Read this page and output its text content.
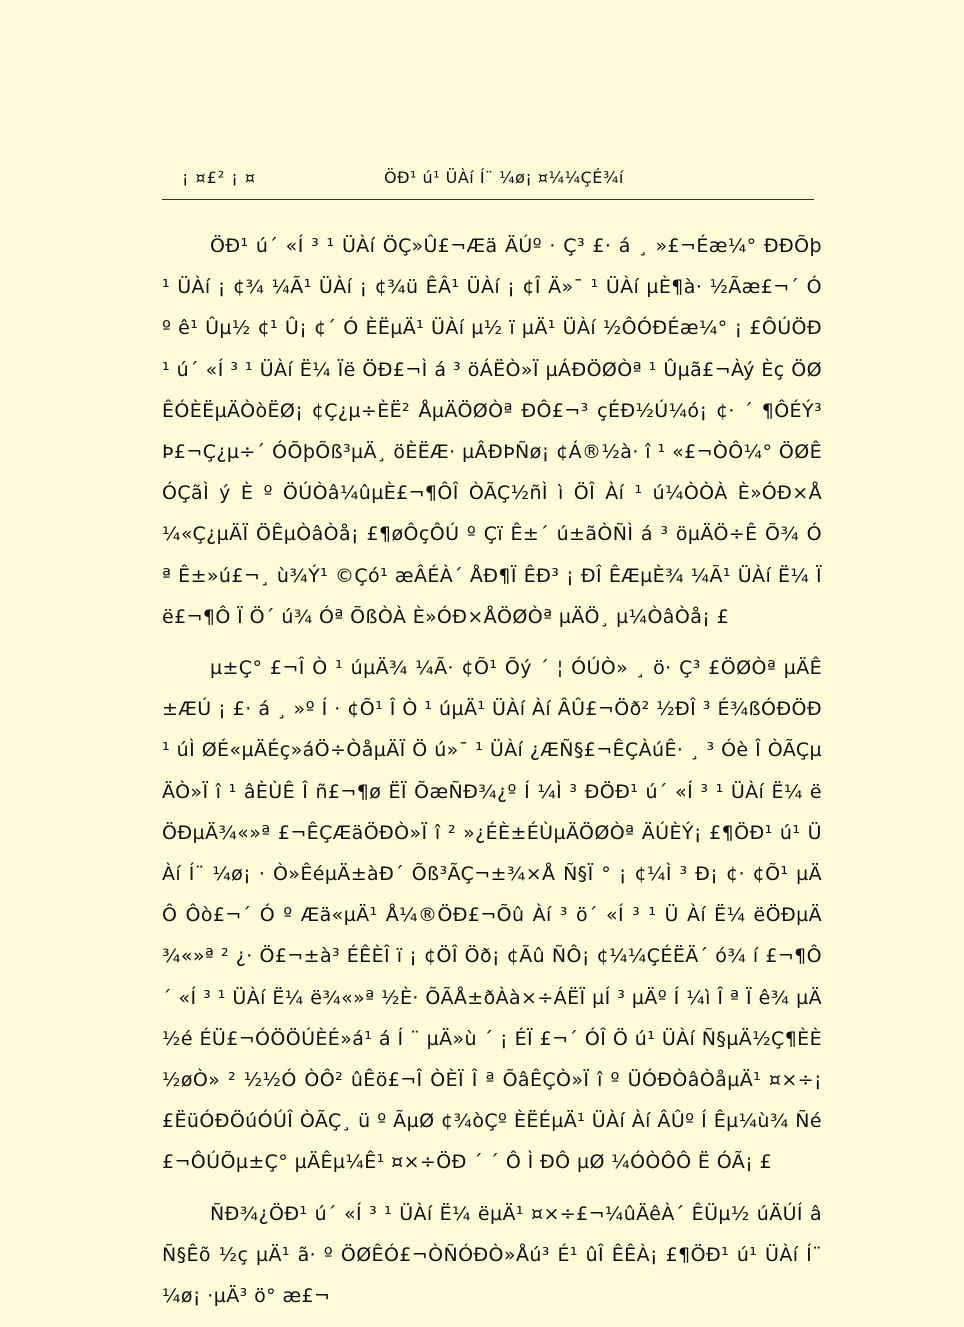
¡ ¤£² ¡ ¤	ÖÐ¹ ú¹ ÜÀí Í¨ ¼ø¡ ¤¼¼ÇÉ¾í

ÖÐ¹ ú´ «Í ³ ¹ ÜÀí ÖÇ»Û£¬Æä ÄÚº · Ç³ £· á ¸ »£¬Éæ¼° ÐÐÕþ ¹ ÜÀí ¡ ¢¾ ¼Ã¹ ÜÀí ¡ ¢¾ü ÊÂ¹ ÜÀí ¡ ¢Î Ä»¯ ¹ ÜÀí µÈ¶à· ½Ãæ£¬´ Ó º ê¹ Ûµ½ ¢¹ Û¡ ¢´ Ó ÈËµÄ¹ ÜÀí µ½ ï µÄ¹ ÜÀí ½ÔÓÐÉæ¼° ¡ £ÔÚÖÐ¹ ú´ «Í ³ ¹ ÜÀí Ë¼ Ïë ÖÐ£¬Ì á ³ öÁËÒ»Ï µÁÐÖØÒª ¹ Ûµã£¬Àý Èç ÖØÊÓÈËµÄÒòËØ¡ ¢Ç¿µ÷ÈË² ÅµÄÖØÒª ÐÔ£¬³ çÉÐ½Ú¼ó¡ ¢· ´ ¶ÔÉÝ³ Þ£¬Ç¿µ÷´ ÓÕþÕß³µÄ¸ öÈËÆ· µÂÐÞÑø¡ ¢Á®½à· î ¹ «£¬ÒÔ¼° ÖØÊÓÇãÌ ý È º ÖÚÒâ¼ûµÈ£¬¶ÔÎ ÒÃÇ½ñÌ ì ÖÎ Àí ¹ ú¼ÒÒÀ È»ÓÐ×Å¼«Ç¿µÄÏ ÖÊµÒâÒå¡ £¶øÔçÔÚ º Çï Ê±´ ú±ãÒÑÌ á ³ öµÄÖ÷Ê Õ¾ Ó ª Ê±»ú£¬¸ ù¾Ý¹ ©Çó¹ æÂÉÀ´ ÅÐ¶Ï ÊÐ³ ¡ ÐÎ ÊÆµÈ¾ ¼Ã¹ ÜÀí Ë¼ Ïë£¬¶Ô Ï Ö´ ú¾ Óª ÕßÒÀ È»ÓÐ×ÅÖØÒª µÄÖ¸ µ¼ÒâÒå¡ £

µ±Ç° £¬Î Ò ¹ úµÄ¾ ¼Ã· ¢Õ¹ Õý ´ ¦ ÓÚÒ» ¸ ö· Ç³ £ÖØÒª µÄÊ±ÆÚ ¡ £· á ¸ »º Í · ¢Õ¹ Î Ò ¹ úµÄ¹ ÜÀí Àí ÂÛ£¬Öð² ½ÐÎ ³ É¾ßÓÐÖÐ¹ úÌ ØÉ«µÄÉç»áÖ÷ÒåµÄÏ Ö ú»¯ ¹ ÜÀí ¿ÆÑ§£¬ÊÇÀúÊ· ¸ ³ Óè Î ÒÃÇµÄÒ»Ï î ¹ âÈÙÊ Î ñ£¬¶ø ËÏ ÕæÑÐ¾¿º Í ¼Ì ³ ÐÖÐ¹ ú´ «Í ³ ¹ ÜÀí Ë¼ ëÖÐµÄ¾«»ª £¬ÊÇÆäÖÐÒ»Ï î ² »¿ÉÈ±ÉÙµÄÖØÒª ÄÚÈÝ¡ £¶ÖÐ¹ ú¹ ÜÀí Í¨ ¼ø¡ · Ò»ÊéµÄ±àÐ´ Õß³ÃÇ¬±¾×Å Ñ§Ï ° ¡ ¢¼Ì ³ Ð¡ ¢· ¢Õ¹ µÄÔ Ôò£¬´ Ó º Æä«µÄ¹ Å¼®ÖÐ£¬Õû Àí ³ ö´ «Í ³ ¹ Ü Àí Ë¼ ëÖÐµÄ¾«»ª ² ¿· Ö£¬±à³ ÉÊÈÎ ï ¡ ¢ÖÎ Öð¡ ¢Ãû ÑÔ¡ ¢¼¼ÇÉËÄ´ ó¾ í £¬¶Ô´ «Í ³ ¹ ÜÀí Ë¼ ë¾«»ª ½È· ÕÃÅ±ðÀà×÷ÁËÏ µÍ ³ µÄº Í ¼ì Î ª Ï ê¾ µÄ½é ÉÜ£¬ÓÖÖÚÈÉ»á¹ á Í ¨ µÄ»ù ´ ¡ ÉÏ £¬´ ÓÎ Ö ú¹ ÜÀí Ñ§µÄ½Ç¶ÈÈ½øÒ» ² ½½Ó ÒÔ² ûÊö£¬Î ÒÈÏ Î ª ÕâÊÇÒ»Ï î º ÜÓÐÒâÒåµÄ¹ ¤×÷¡ £ËüÓÐÖúÓÚÎ ÒÃÇ¸ ü º ÃµØ ¢¾òÇº ÈËÉµÄ¹ ÜÀí Àí ÂÛº Í Êµ¼ù¾ Ñé£¬ÔÚÕµ±Ç° µÄÊµ¼Ê¹ ¤×÷ÖÐ ´ ´ Ô Ì ÐÔ µØ ¼ÓÒÔÔ Ë ÓÃ¡ £

ÑÐ¾¿ÖÐ¹ ú´ «Í ³ ¹ ÜÀí Ë¼ ëµÄ¹ ¤×÷£¬¼ûÄêÀ´ ÊÜµ½ úÄÚÍ âÑ§Êõ ½ç µÄ¹ ã· º ÖØÊÓ£¬ÒÑÓÐÒ»Åú³ É¹ ûÎ ÊÊÀ¡ £¶ÖÐ¹ ú¹ ÜÀí Í¨ ¼ø¡ ·µÄ³ ö° æ£¬
